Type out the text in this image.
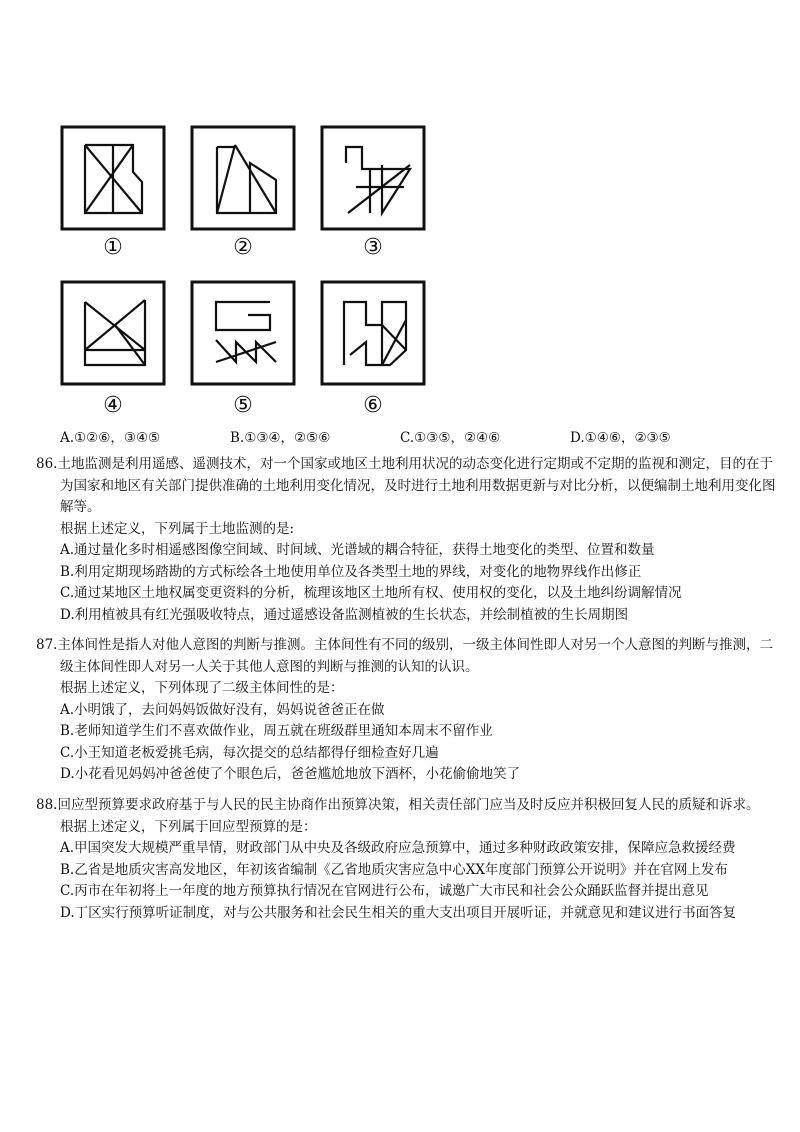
①	②	③
④	⑤	⑥
A.①②⑥，③④⑤	B.①③④，②⑤⑥	C.①③⑤，②④⑥	D.①④⑥，②③⑤

86.土地监测是利用遥感、遥测技术，对一个国家或地区土地利用状况的动态变化进行定期或不定期的监视和测定，目的在于为国家和地区有关部门提供准确的土地利用变化情况，及时进行土地利用数据更新与对比分析，以便编制土地利用变化图解等。

根据上述定义，下列属于土地监测的是:

A.通过量化多时相遥感图像空间域、时间域、光谱域的耦合特征，获得土地变化的类型、位置和数量

B.利用定期现场踏勘的方式标绘各土地使用单位及各类型土地的界线，对变化的地物界线作出修正

C.通过某地区土地权属变更资料的分析，梳理该地区土地所有权、使用权的变化，以及土地纠纷调解情况

D.利用植被具有红光强吸收特点，通过遥感设备监测植被的生长状态，并绘制植被的生长周期图

87.主体间性是指人对他人意图的判断与推测。主体间性有不同的级别，一级主体间性即人对另一个人意图的判断与推测，二级主体间性即人对另一人关于其他人意图的判断与推测的认知的认识。

根据上述定义，下列体现了二级主体间性的是：

A.小明饿了，去问妈妈饭做好没有，妈妈说爸爸正在做

B.老师知道学生们不喜欢做作业，周五就在班级群里通知本周末不留作业

C.小王知道老板爱挑毛病，每次提交的总结都得仔细检查好几遍

D.小花看见妈妈冲爸爸使了个眼色后，爸爸尴尬地放下酒杯，小花偷偷地笑了

88.回应型预算要求政府基于与人民的民主协商作出预算决策，相关责任部门应当及时反应并积极回复人民的质疑和诉求。

根据上述定义，下列属于回应型预算的是：

A.甲国突发大规模严重旱情，财政部门从中央及各级政府应急预算中，通过多种财政政策安排，保障应急救援经费

B.乙省是地质灾害高发地区，年初该省编制《乙省地质灾害应急中心XX年度部门预算公开说明》并在官网上发布

C.丙市在年初将上一年度的地方预算执行情况在官网进行公布，诚邀广大市民和社会公众踊跃监督并提出意见

D.丁区实行预算听证制度，对与公共服务和社会民生相关的重大支出项目开展听证，并就意见和建议进行书面答复
